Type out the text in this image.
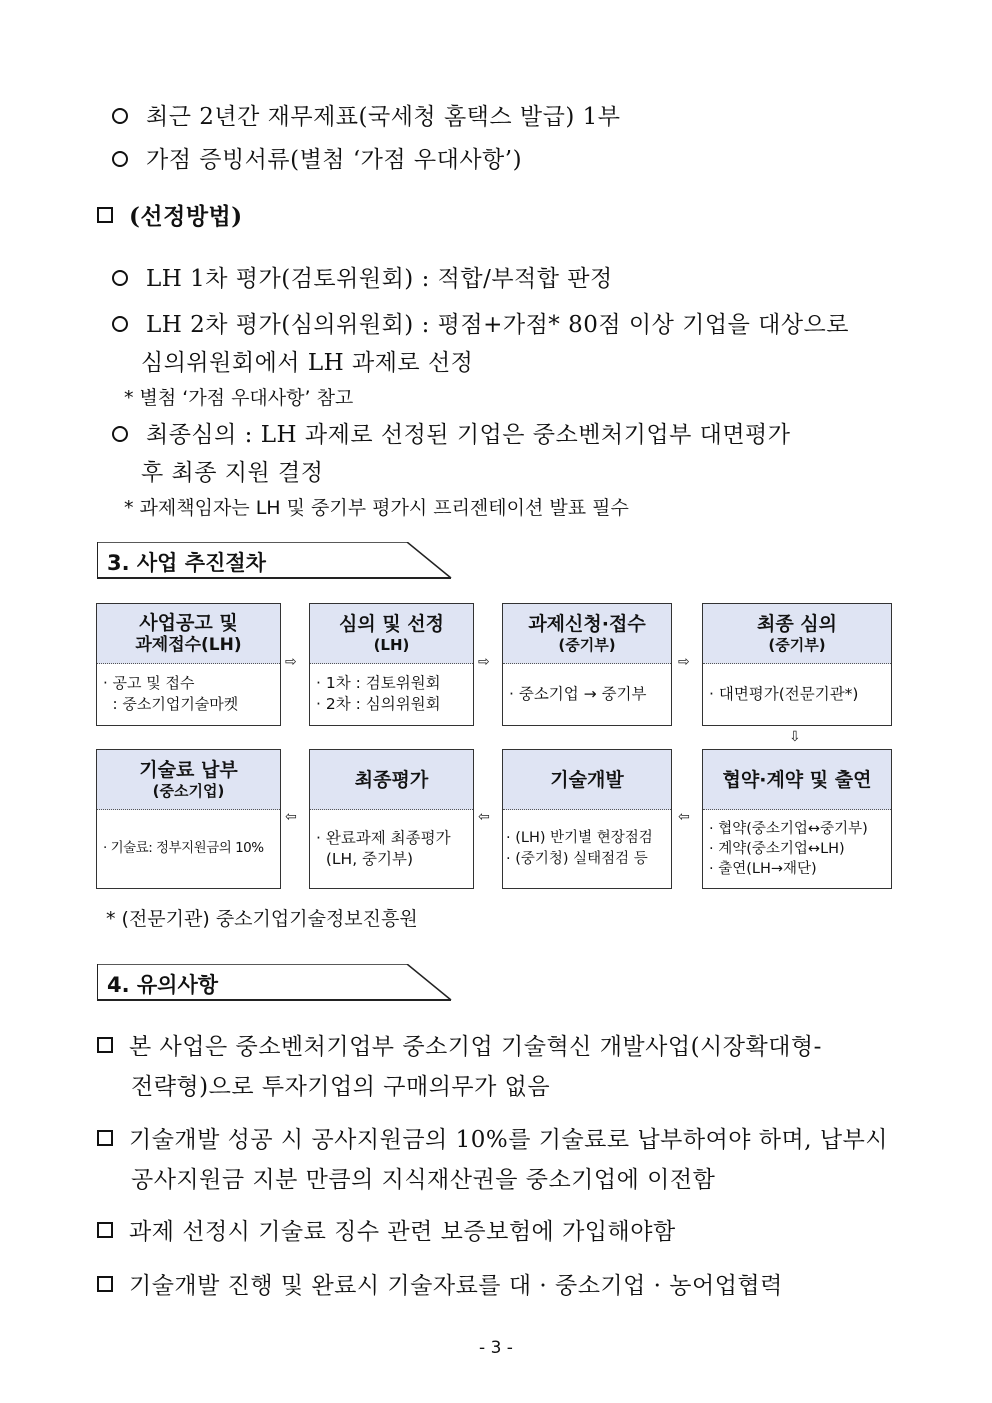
최근 2년간 재무제표(국세청 홈택스 발급) 1부
가점 증빙서류(별첨 ‘가점 우대사항’)
(선정방법)
LH 1차 평가(검토위원회) : 적합/부적합 판정
LH 2차 평가(심의위원회) : 평점+가점* 80점 이상 기업을 대상으로
심의위원회에서 LH 과제로 선정
* 별첨 ‘가점 우대사항’ 참고
최종심의 : LH 과제로 선정된 기업은 중소벤처기업부 대면평가
후 최종 지원 결정
* 과제책임자는 LH 및 중기부 평가시 프리젠테이션 발표 필수
3. 사업 추진절차
사업공고 및
과제접수(LH)
· 공고 및 접수
: 중소기업기술마켓
⇨
심의 및 선정
(LH)
· 1차 : 검토위원회
· 2차 : 심의위원회
⇨
과제신청·접수
(중기부)
· 중소기업 → 중기부
⇨
최종 심의
(중기부)
· 대면평가(전문기관*)
⇩
기술료 납부
(중소기업)
· 기술료: 정부지원금의 10%
⇦
최종평가
· 완료과제 최종평가
(LH, 중기부)
⇦
기술개발
· (LH) 반기별 현장점검
· (중기청) 실태점검 등
⇦
협약·계약 및 출연
· 협약(중소기업↔중기부)
· 계약(중소기업↔LH)
· 출연(LH→재단)
* (전문기관) 중소기업기술정보진흥원
4. 유의사항
본 사업은 중소벤처기업부 중소기업 기술혁신 개발사업(시장확대형-
전략형)으로 투자기업의 구매의무가 없음
기술개발 성공 시 공사지원금의 10%를 기술료로 납부하여야 하며, 납부시
공사지원금 지분 만큼의 지식재산권을 중소기업에 이전함
과제 선정시 기술료 징수 관련 보증보험에 가입해야함
기술개발 진행 및 완료시 기술자료를 대 · 중소기업 · 농어업협력
- 3 -
